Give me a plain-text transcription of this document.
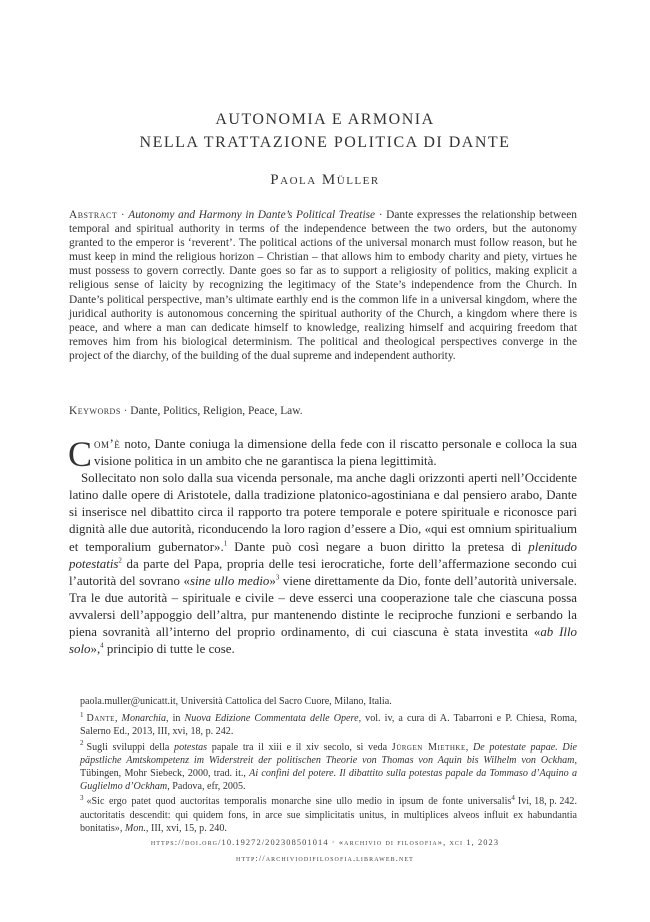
AUTONOMIA E ARMONIA
NELLA TRATTAZIONE POLITICA DI DANTE
Paola Müller
Abstract · Autonomy and Harmony in Dante’s Political Treatise · Dante expresses the relationship between temporal and spiritual authority in terms of the independence between the two orders, but the autonomy granted to the emperor is ‘reverent’. The political actions of the universal monarch must follow reason, but he must keep in mind the religious horizon – Christian – that allows him to embody charity and piety, virtues he must possess to govern correctly. Dante goes so far as to support a religiosity of politics, making explicit a religious sense of laicity by recognizing the legitimacy of the State’s independence from the Church. In Dante’s political perspective, man’s ultimate earthly end is the common life in a universal kingdom, where the juridical authority is autonomous concerning the spiritual authority of the Church, a kingdom where there is peace, and where a man can dedicate himself to knowledge, realizing himself and acquiring freedom that removes him from his biological determinism. The political and theological perspectives converge in the project of the diarchy, of the building of the dual supreme and independent authority.
Keywords · Dante, Politics, Religion, Peace, Law.

Com’è noto, Dante coniuga la dimensione della fede con il riscatto personale e colloca la sua visione politica in un ambito che ne garantisca la piena legittimità.

Sollecitato non solo dalla sua vicenda personale, ma anche dagli orizzonti aperti nell’Occidente latino dalle opere di Aristotele, dalla tradizione platonico-agostiniana e dal pensiero arabo, Dante si inserisce nel dibattito circa il rapporto tra potere temporale e potere spirituale e riconosce pari dignità alle due autorità, riconducendo la loro ragion d’essere a Dio, «qui est omnium spiritualium et temporalium gubernator».$^1$ Dante può così negare a buon diritto la pretesa di plenitudo potestatis$^2$ da parte del Papa, propria delle tesi ierocratiche, forte dell’affermazione secondo cui l’autorità del sovrano «sine ullo medio»$^3$ viene direttamente da Dio, fonte dell’autorità universale. Tra le due autorità – spirituale e civile – deve esserci una cooperazione tale che ciascuna possa avvalersi dell’appoggio dell’altra, pur mantenendo distinte le reciproche funzioni e serbando la piena sovranità all’interno del proprio ordinamento, di cui ciascuna è stata investita «ab Illo solo»,$^4$ principio di tutte le cose.

paola.muller@unicatt.it, Università Cattolica del Sacro Cuore, Milano, Italia.
$^1$ Dante, Monarchia, in Nuova Edizione Commentata delle Opere, vol. iv, a cura di A. Tabarroni e P. Chiesa, Roma, Salerno Ed., 2013, III, xvi, 18, p. 242.
$^2$ Sugli sviluppi della potestas papale tra il xiii e il xiv secolo, si veda Jürgen Miethke, De potestate papae. Die päpstliche Amtskompetenz im Widerstreit der politischen Theorie von Thomas von Aquin bis Wilhelm von Ockham, Tübingen, Mohr Siebeck, 2000, trad. it., Ai confini del potere. Il dibattito sulla potestas papale da Tommaso d’Aquino a Guglielmo d’Ockham, Padova, efr, 2005.
$^4$ Ivi, 18, p. 242.
$^3$ «Sic ergo patet quod auctoritas temporalis monarche sine ullo medio in ipsum de fonte universalis auctoritatis descendit: qui quidem fons, in arce sue simplicitatis unitus, in multiplices alveos influit ex habundantia bonitatis», Mon., III, xvi, 15, p. 240.
https://doi.org/10.19272/202308501014 · «archivio di filosofia», xci 1, 2023
http://archiviodifilosofia.libraweb.net
